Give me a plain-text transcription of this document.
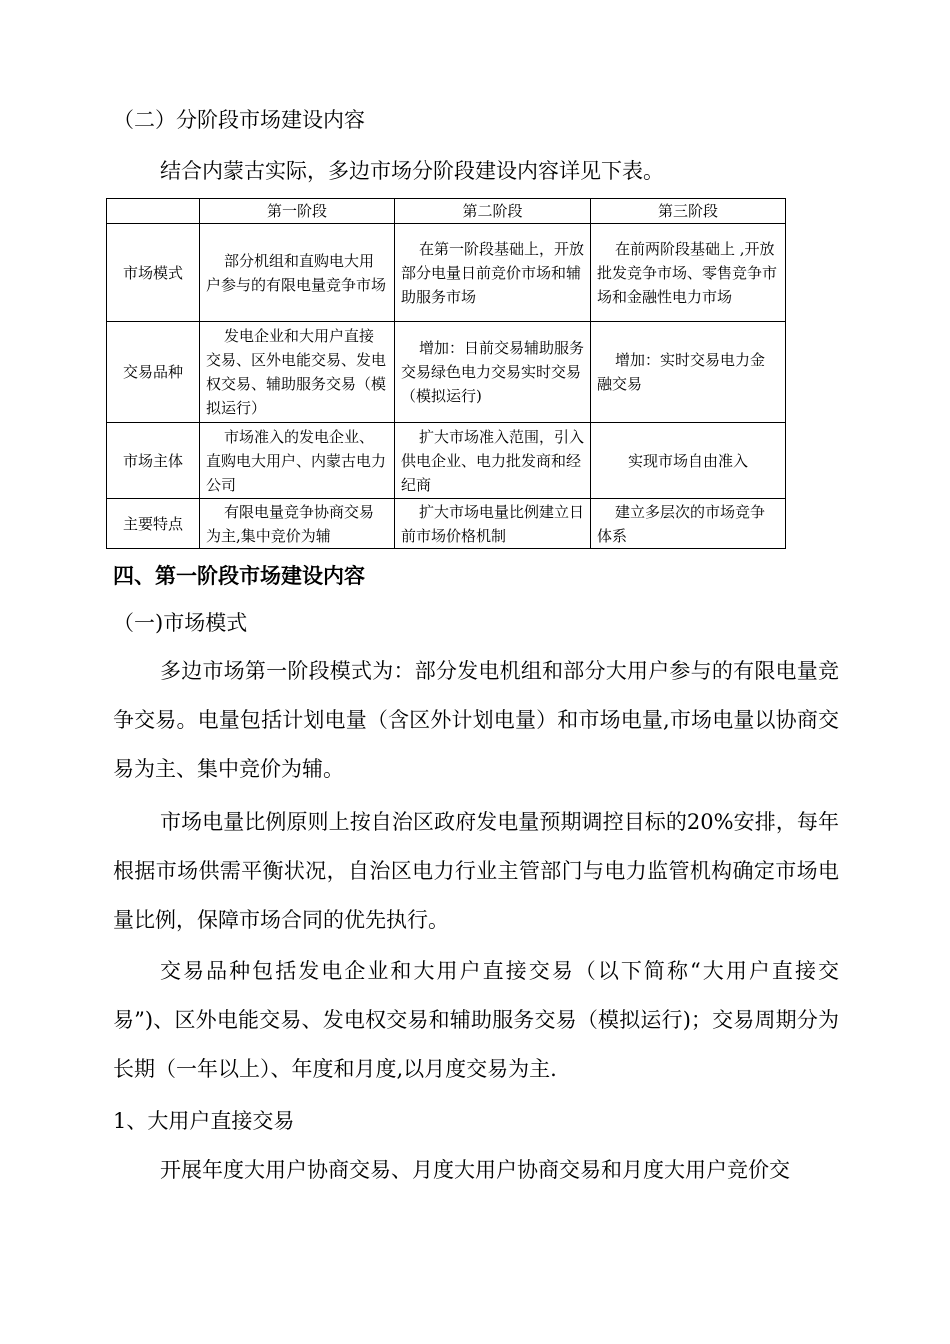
（二）分阶段市场建设内容
结合内蒙古实际，多边市场分阶段建设内容详见下表。
	第一阶段	第二阶段	第三阶段
市场模式	部分机组和直购电大用户参与的有限电量竞争市场	在第一阶段基础上，开放部分电量日前竞价市场和辅助服务市场	在前两阶段基础上 ,开放批发竞争市场、零售竞争市场和金融性电力市场
交易品种	发电企业和大用户直接交易、区外电能交易、发电权交易、辅助服务交易（模拟运行）	增加：日前交易辅助服务交易绿色电力交易实时交易（模拟运行)	增加：实时交易电力金融交易
市场主体	市场准入的发电企业、直购电大用户、内蒙古电力公司	扩大市场准入范围，引入供电企业、电力批发商和经纪商	实现市场自由准入
主要特点	有限电量竞争协商交易为主,集中竞价为辅	扩大市场电量比例建立日前市场价格机制	建立多层次的市场竞争体系
四、第一阶段市场建设内容
（一)市场模式

多边市场第一阶段模式为：部分发电机组和部分大用户参与的有限电量竞争交易。电量包括计划电量（含区外计划电量）和市场电量,市场电量以协商交易为主、集中竞价为辅。

市场电量比例原则上按自治区政府发电量预期调控目标的20%安排，每年根据市场供需平衡状况，自治区电力行业主管部门与电力监管机构确定市场电量比例，保障市场合同的优先执行。

交易品种包括发电企业和大用户直接交易（以下简称“大用户直接交易”)、区外电能交易、发电权交易和辅助服务交易（模拟运行)；交易周期分为长期（一年以上）、年度和月度,以月度交易为主.

1、大用户直接交易

开展年度大用户协商交易、月度大用户协商交易和月度大用户竞价交
